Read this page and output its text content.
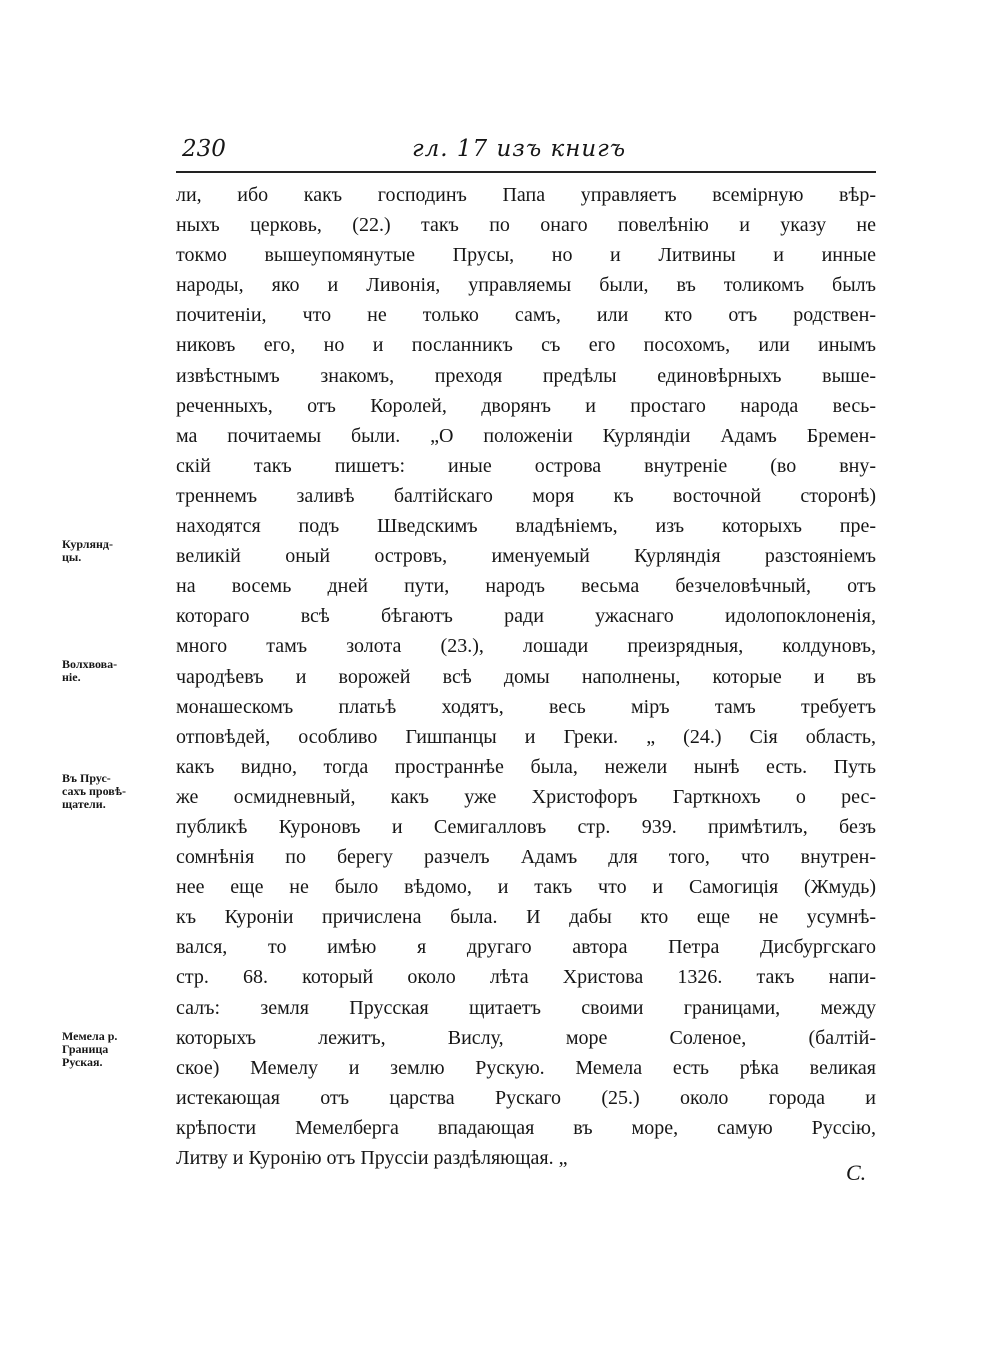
230	гл. 17 изъ книгъ
ли, ибо какъ господинъ Папа управляетъ всемірную вѣр-
ныхъ церковь, (22.) такъ по онаго повелѣнію и указу не
токмо вышеупомянутые Прусы, но и Литвины и инные
народы, яко и Ливонія, управляемы были, въ толикомъ былъ
почитеніи, что не только самъ, или кто отъ родствен-
никовъ его, но и посланникъ съ его посохомъ, или инымъ
извѣстнымъ знакомъ, преходя предѣлы единовѣрныхъ выше-
реченныхъ, отъ Королей, дворянъ и простаго народа весь-
ма почитаемы были. „О положеніи Курляндіи Адамъ Бремен-
скій такъ пишетъ: иные острова внутреніе (во вну-
треннемъ заливѣ балтійскаго моря къ восточной сторонѣ)
находятся подъ Шведскимъ владѣніемъ, изъ которыхъ пре-
великій оный островъ, именуемый Курляндія разстояніемъ
на восемь дней пути, народъ весьма безчеловѣчный, отъ
котораго всѣ бѣгаютъ ради ужаснаго идолопоклоненія,
много тамъ золота (23.), лошади преизрядныя, колдуновъ,
чародѣевъ и ворожей всѣ домы наполнены, которые и въ
монашескомъ платьѣ ходятъ, весь міръ тамъ требуетъ
отповѣдей, особливо Гишпанцы и Греки. „ (24.) Сія область,
какъ видно, тогда пространнѣе была, нежели нынѣ есть. Путь
же осмидневный, какъ уже Христофоръ Гарткнохъ о рес-
публикѣ Куроновъ и Семигалловъ стр. 939. примѣтилъ, безъ
сомнѣнія по берегу разчелъ Адамъ для того, что внутрен-
нее еще не было вѣдомо, и такъ что и Самогиція (Жмудь)
къ Куроніи причислена была. И дабы кто еще не усумнѣ-
вался, то имѣю я другаго автора Петра Дисбургскаго
стр. 68. который около лѣта Христова 1326. такъ напи-
салъ: земля Прусская щитаетъ своими границами, между
которыхъ лежитъ, Вислу, море Соленое, (балтій-
ское) Мемелу и землю Рускую. Мемела есть рѣка великая
истекающая отъ царства Рускаго (25.) около города и
крѣпости Мемелберга впадающая въ море, самую Руссію,
Литву и Куронію отъ Пруссіи раздѣляющая. „
Курлянд-
цы.
Волхвова-
ніе.
Въ Прус-
сахъ провѣ-
щатели.
Мемела р.
Граница
Руская.
С.
